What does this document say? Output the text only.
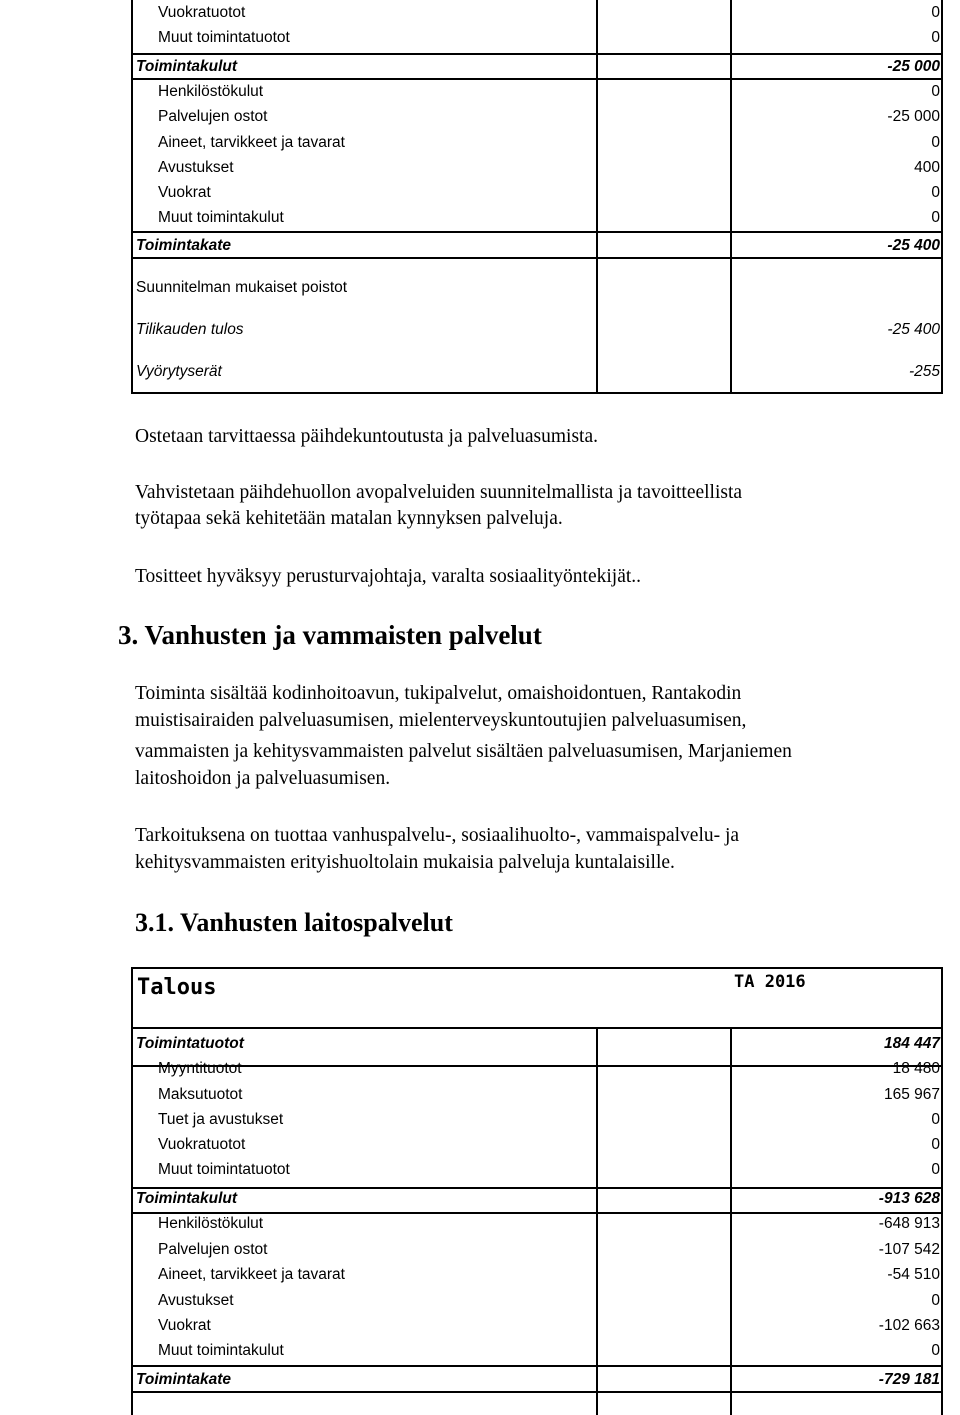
Vuokratuotot	0
Muut toimintatuotot	0
Toimintakulut	-25 000
Henkilöstökulut	0
Palvelujen ostot	-25 000
Aineet, tarvikkeet ja tavarat	0
Avustukset	400
Vuokrat	0
Muut toimintakulut	0
Toimintakate	-25 400
Suunnitelman mukaiset poistot
Tilikauden tulos	-25 400
Vyörytyserät	-255
Ostetaan tarvittaessa päihdekuntoutusta ja palveluasumista.
Vahvistetaan päihdehuollon avopalveluiden suunnitelmallista ja tavoitteellista
työtapaa sekä kehitetään matalan kynnyksen palveluja.
Tositteet hyväksyy perusturvajohtaja, varalta sosiaalityöntekijät..
3. Vanhusten ja vammaisten palvelut
Toiminta sisältää kodinhoitoavun, tukipalvelut, omaishoidontuen, Rantakodin
muistisairaiden palveluasumisen, mielenterveyskuntoutujien palveluasumisen,
vammaisten ja kehitysvammaisten palvelut sisältäen palveluasumisen, Marjaniemen
laitoshoidon ja palveluasumisen.
Tarkoituksena on tuottaa vanhuspalvelu-, sosiaalihuolto-, vammaispalvelu- ja
kehitysvammaisten erityishuoltolain mukaisia palveluja kuntalaisille.
3.1. Vanhusten laitospalvelut
Talous	TA 2016
Toimintatuotot	184 447
Myyntituotot	18 480
Maksutuotot	165 967
Tuet ja avustukset	0
Vuokratuotot	0
Muut toimintatuotot	0
Toimintakulut	-913 628
Henkilöstökulut	-648 913
Palvelujen ostot	-107 542
Aineet, tarvikkeet ja tavarat	-54 510
Avustukset	0
Vuokrat	-102 663
Muut toimintakulut	0
Toimintakate	-729 181
